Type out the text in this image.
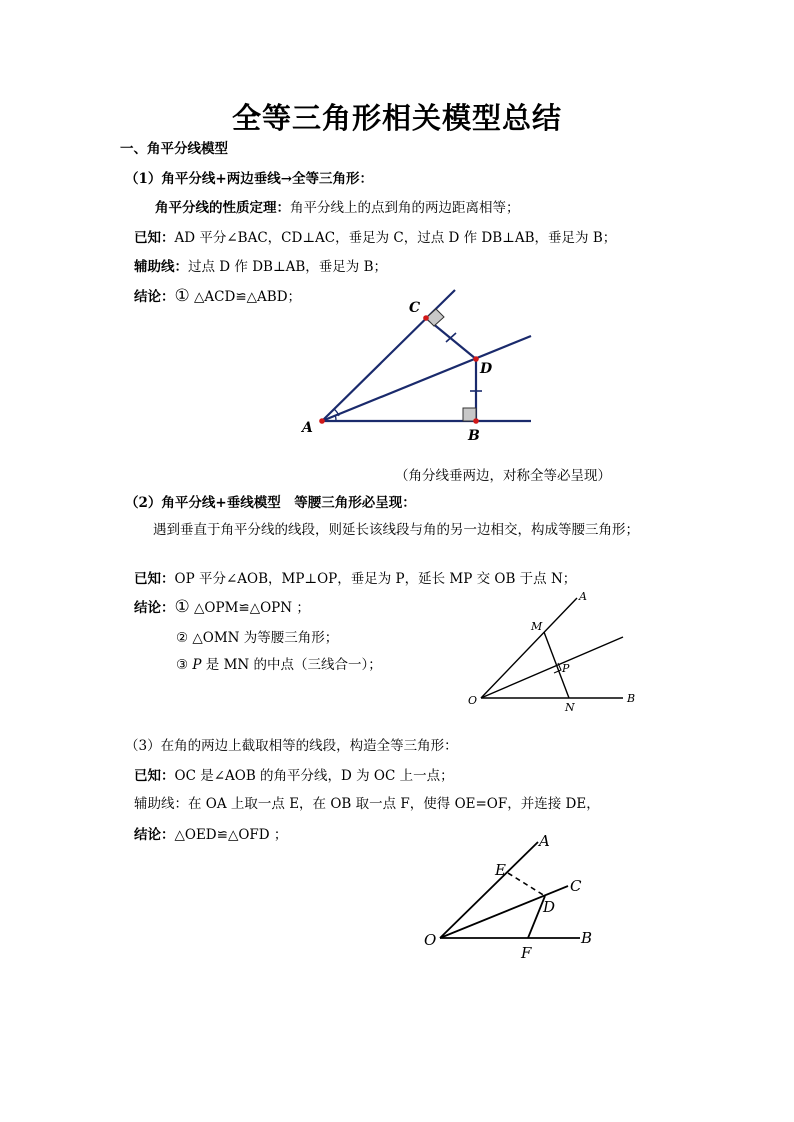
全等三角形相关模型总结
一、角平分线模型
（1）角平分线+两边垂线→全等三角形：
角平分线的性质定理：角平分线上的点到角的两边距离相等；
已知：AD 平分∠BAC，CD⊥AC，垂足为 C，过点 D 作 DB⊥AB，垂足为 B；
辅助线：过点 D 作 DB⊥AB，垂足为 B；
结论：① △ACD≌△ABD；
A
C
D
B
（角分线垂两边，对称全等必呈现）
（2）角平分线+垂线模型　等腰三角形必呈现：
遇到垂直于角平分线的线段，则延长该线段与角的另一边相交，构成等腰三角形；
已知：OP 平分∠AOB，MP⊥OP，垂足为 P，延长 MP 交 OB 于点 N；
结论：① △OPM≌△OPN ；
② △OMN 为等腰三角形；
③ P 是 MN 的中点（三线合一）；
A
M
P
O
N
B
（3）在角的两边上截取相等的线段，构造全等三角形：
已知：OC 是∠AOB 的角平分线，D 为 OC 上一点；
辅助线：在 OA 上取一点 E，在 OB 取一点 F，使得 OE=OF，并连接 DE，
结论：△OED≌△OFD ；	A
E
C
D
O	B
F
